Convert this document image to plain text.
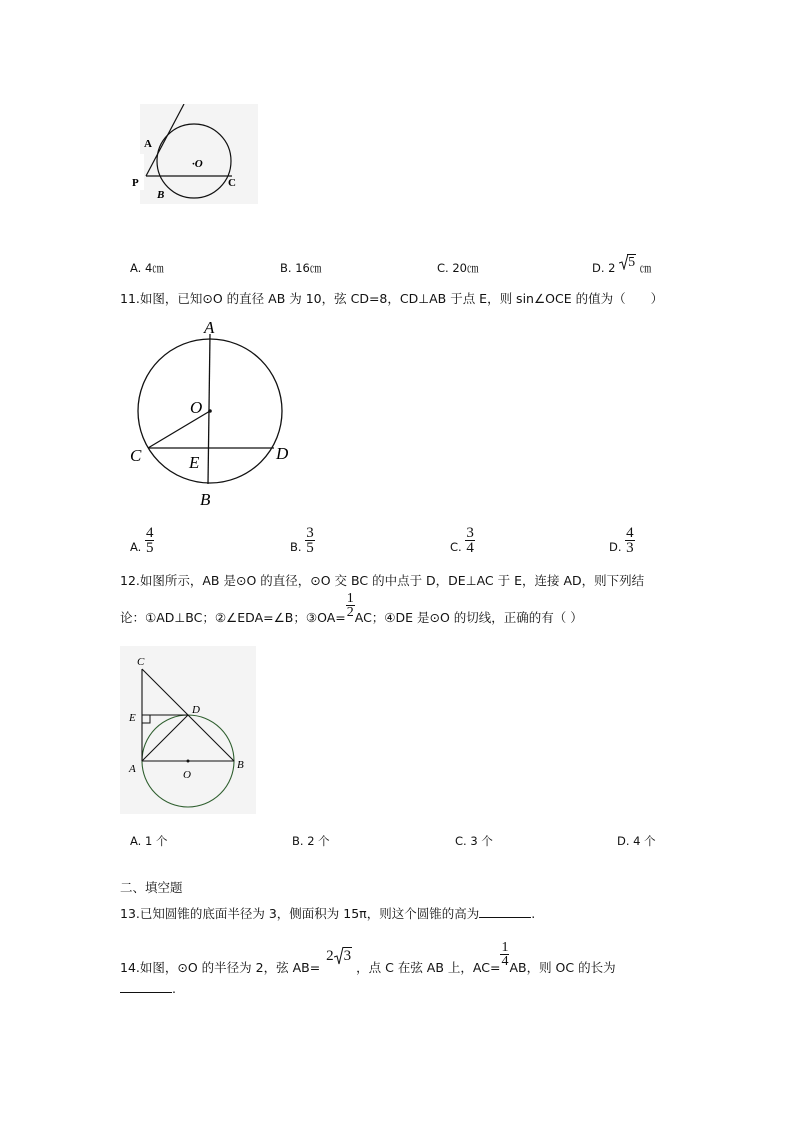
A
·O
P
B
C
A. 4㎝	B. 16㎝	C. 20㎝	D. 2 5 ㎝
11.如图，已知⊙O 的直径 AB 为 10，弦 CD=8，CD⊥AB 于点 E，则 sin∠OCE 的值为（　　）
A
O
C	E	D
B
A. $\frac{4}{5}$	B. $\frac{3}{5}$	C. $\frac{3}{4}$	D. $\frac{4}{3}$
12.如图所示，AB 是⊙O 的直径，⊙O 交 BC 的中点于 D，DE⊥AC 于 E，连接 AD，则下列结
论：①AD⊥BC；②∠EDA=∠B；③OA= $\frac{1}{2}$ AC；④DE 是⊙O 的切线，正确的有（ ）
C
D
E
A	O
B
A. 1 个	B. 2 个	C. 3 个	D. 4 个
二、填空题
13.已知圆锥的底面半径为 3，侧面积为 15π，则这个圆锥的高为	.
14.如图，⊙O 的半径为 2，弦 AB= 2 3 ，点 C 在弦 AB 上，$AC= \frac{1}{4}$ AB，则 OC 的长为
.
